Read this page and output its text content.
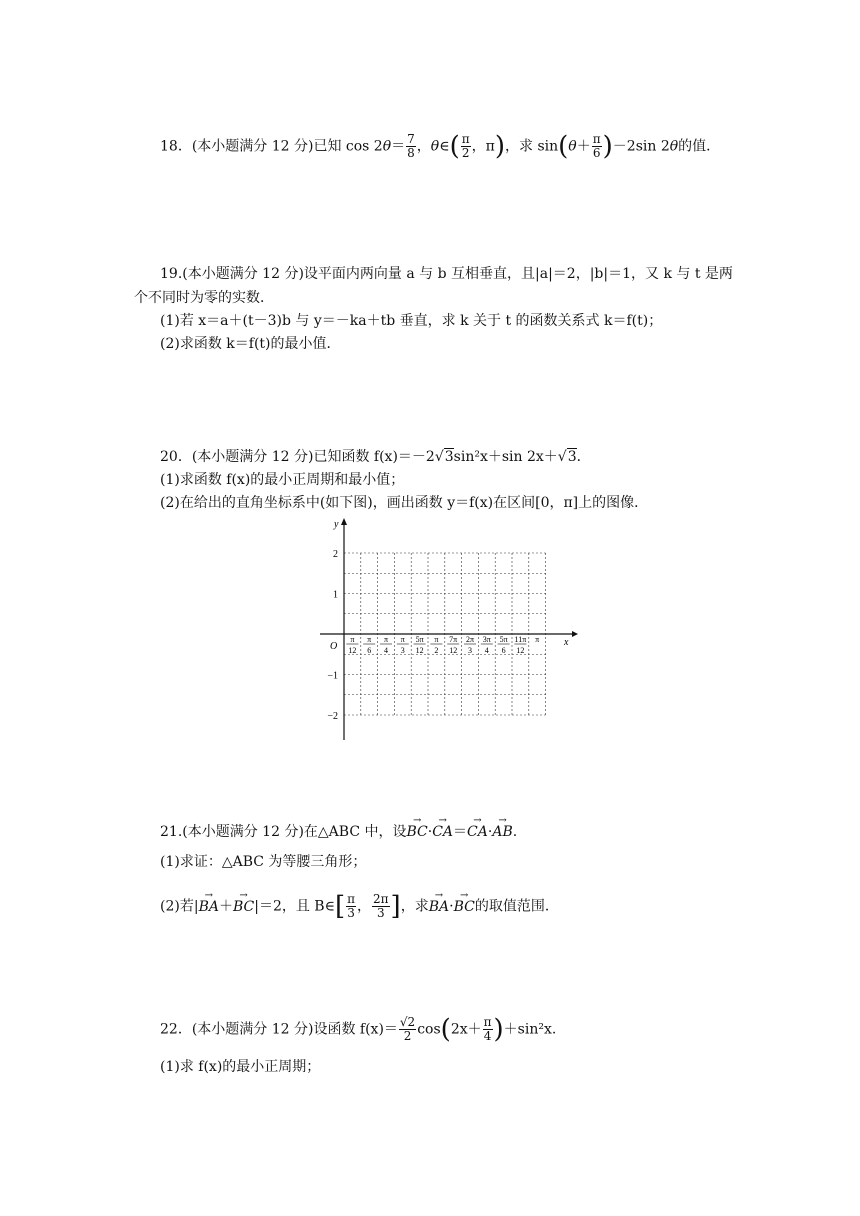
18．(本小题满分 12 分)已知 $\cos 2\theta= \frac{7}{8}$ ，θ∈( $\frac{\pi}{2}$ ，π)，求 $\sin(\theta+ \frac{\pi}{6} )-2\sin$ 2θ的值．
19.(本小题满分 12 分)设平面内两向量 a 与 b 互相垂直，且|a|＝2，|b|＝1，又 k 与 t 是两
个不同时为零的实数．
(1)若 x＝a＋(t－3)b 与 y＝－ka＋tb 垂直，求 k 关于 t 的函数关系式 k＝f(t)；
(2)求函数 k＝f(t)的最小值．
20．(本小题满分 12 分)已知函数 f(x)＝－2√3sin²x＋sin 2x＋√3．
(1)求函数 f(x)的最小正周期和最小值；
(2)在给出的直角坐标系中(如下图)，画出函数 y＝f(x)在区间[0，π]上的图像．
y
x
O
2
1
−1
−2
π
12
π
6
π
4
π
3
5π
12
π
2
7π
12
2π
3
3π
4
5π
6
11π
12
π
21.(本小题满分 12 分)在△ABC 中，设→ BC·→ CA＝→ CA·→ AB.
(1)求证：△ABC 为等腰三角形；
(2)若|→ BA＋→ BC|＝2，且 B∈[ $\frac{\pi}{3}$ ， $\frac{2\pi}{3}$ ]，求→ BA·→ BC的取值范围．
22．(本小题满分 12 分)设函数 $f(x)= \frac{√2}{2} \cos(2x+ \frac{\pi}{4} )+\sin^2x$.
(1)求 f(x)的最小正周期；
